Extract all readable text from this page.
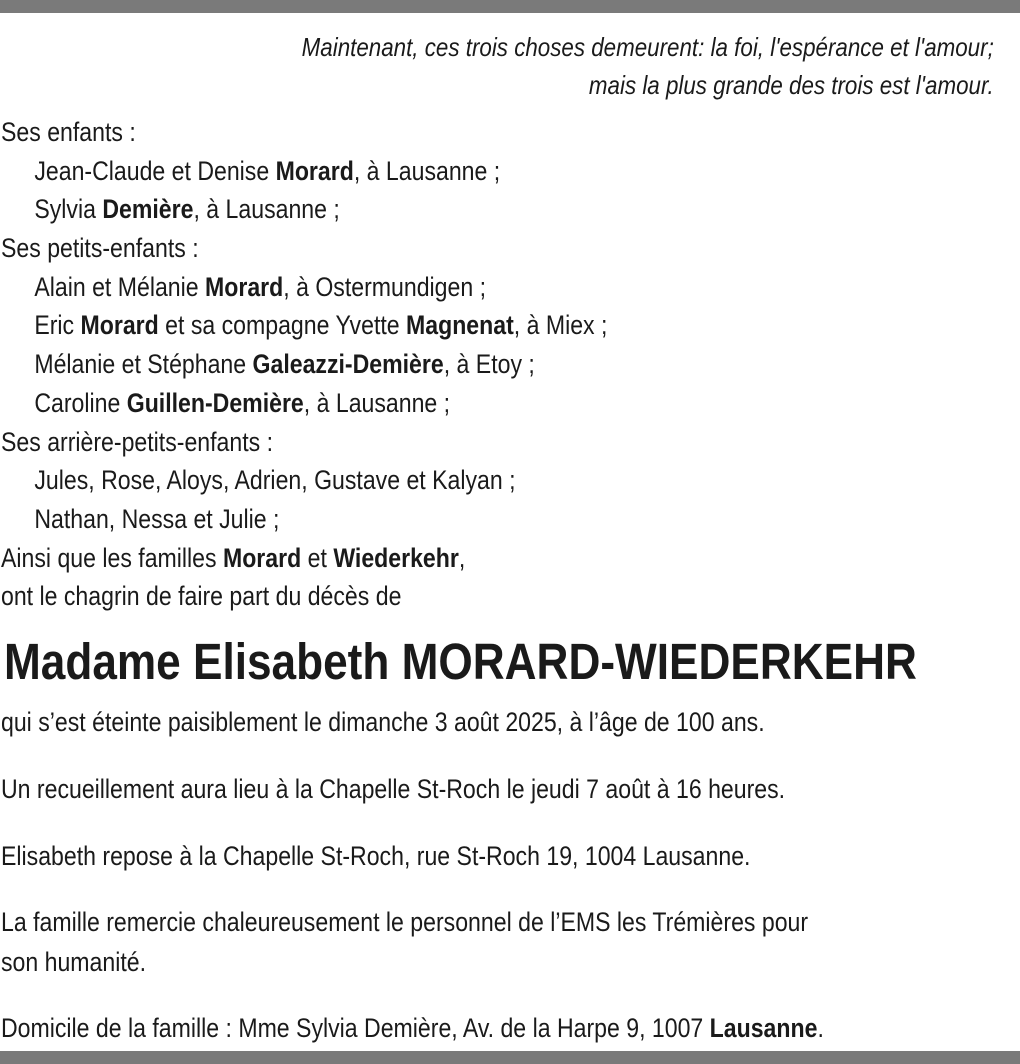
Maintenant, ces trois choses demeurent: la foi, l'espérance et l'amour;
mais la plus grande des trois est l'amour.
Ses enfants :
Jean-Claude et Denise Morard, à Lausanne ;
Sylvia Demière, à Lausanne ;
Ses petits-enfants :
Alain et Mélanie Morard, à Ostermundigen ;
Eric Morard et sa compagne Yvette Magnenat, à Miex ;
Mélanie et Stéphane Galeazzi-Demière, à Etoy ;
Caroline Guillen-Demière, à Lausanne ;
Ses arrière-petits-enfants :
Jules, Rose, Aloys, Adrien, Gustave et Kalyan ;
Nathan, Nessa et Julie ;
Ainsi que les familles Morard et Wiederkehr,
ont le chagrin de faire part du décès de
Madame Elisabeth MORARD-WIEDERKEHR
qui s’est éteinte paisiblement le dimanche 3 août 2025, à l’âge de 100 ans.
Un recueillement aura lieu à la Chapelle St-Roch le jeudi 7 août à 16 heures.
Elisabeth repose à la Chapelle St-Roch, rue St-Roch 19, 1004 Lausanne.
La famille remercie chaleureusement le personnel de l’EMS les Trémières pour
son humanité.
Domicile de la famille : Mme Sylvia Demière, Av. de la Harpe 9, 1007 Lausanne.
